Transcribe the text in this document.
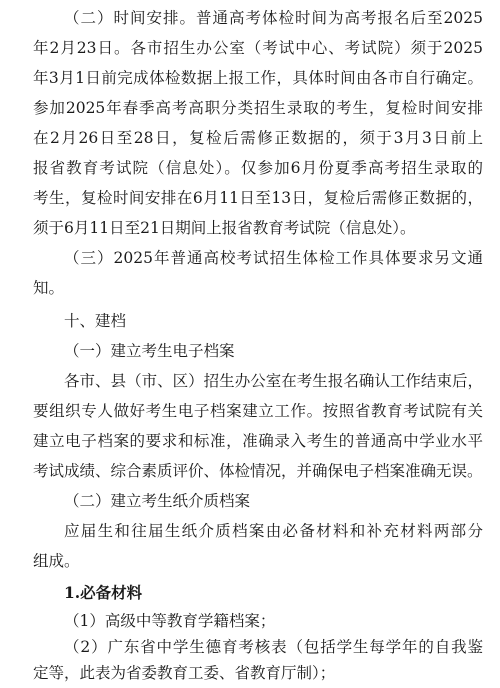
（二）时间安排。普通高考体检时间为高考报名后至2025
年2月23日。各市招生办公室（考试中心、考试院）须于2025
年3月1日前完成体检数据上报工作，具体时间由各市自行确定。
参加2025年春季高考高职分类招生录取的考生，复检时间安排
在2月26日至28日，复检后需修正数据的，须于3月3日前上
报省教育考试院（信息处）。仅参加6月份夏季高考招生录取的
考生，复检时间安排在6月11日至13日，复检后需修正数据的，
须于6月11日至21日期间上报省教育考试院（信息处）。
（三）2025年普通高校考试招生体检工作具体要求另文通
知。
十、建档
（一）建立考生电子档案
各市、县（市、区）招生办公室在考生报名确认工作结束后，
要组织专人做好考生电子档案建立工作。按照省教育考试院有关
建立电子档案的要求和标准，准确录入考生的普通高中学业水平
考试成绩、综合素质评价、体检情况，并确保电子档案准确无误。
（二）建立考生纸介质档案
应届生和往届生纸介质档案由必备材料和补充材料两部分
组成。
1.必备材料
（1）高级中等教育学籍档案；
（2）广东省中学生德育考核表（包括学生每学年的自我鉴
定等，此表为省委教育工委、省教育厅制）；
